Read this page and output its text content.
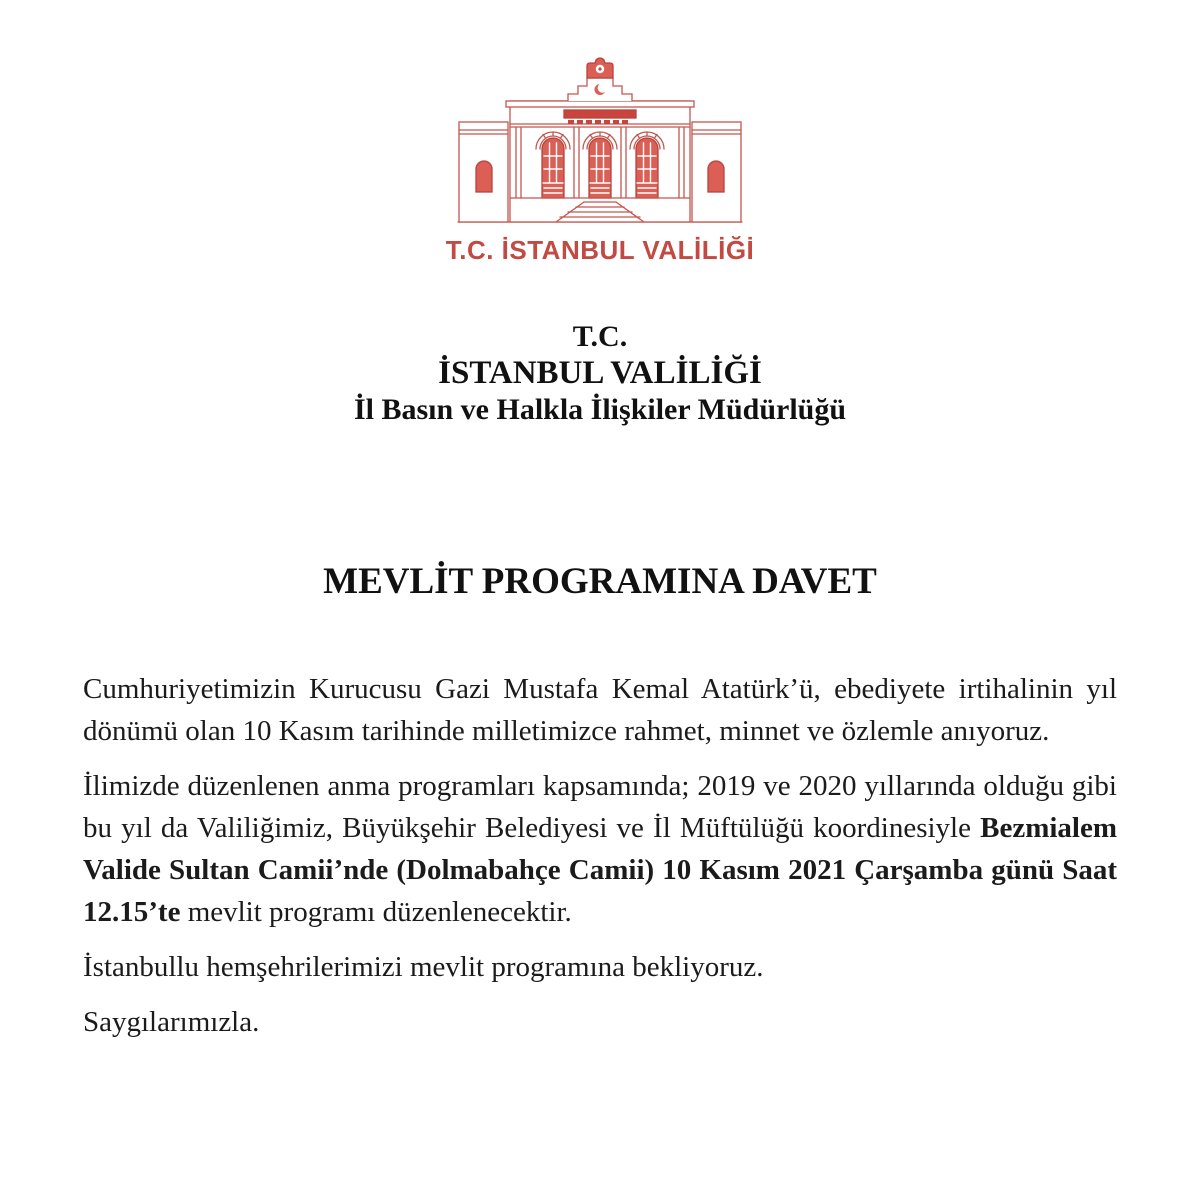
T.C. İSTANBUL VALİLİĞİ
T.C.
İSTANBUL VALİLİĞİ
İl Basın ve Halkla İlişkiler Müdürlüğü
MEVLİT PROGRAMINA DAVET

Cumhuriyetimizin Kurucusu Gazi Mustafa Kemal Atatürk’ü, ebediyete irtihalinin yıl dönümü olan 10 Kasım tarihinde milletimizce rahmet, minnet ve özlemle anıyoruz.

İlimizde düzenlenen anma programları kapsamında; 2019 ve 2020 yıllarında olduğu gibi bu yıl da Valiliğimiz, Büyükşehir Belediyesi ve İl Müftülüğü koordinesiyle Bezmialem Valide Sultan Camii’nde (Dolmabahçe Camii) 10 Kasım 2021 Çarşamba günü Saat 12.15’te mevlit programı düzenlenecektir.

İstanbullu hemşehrilerimizi mevlit programına bekliyoruz.

Saygılarımızla.
